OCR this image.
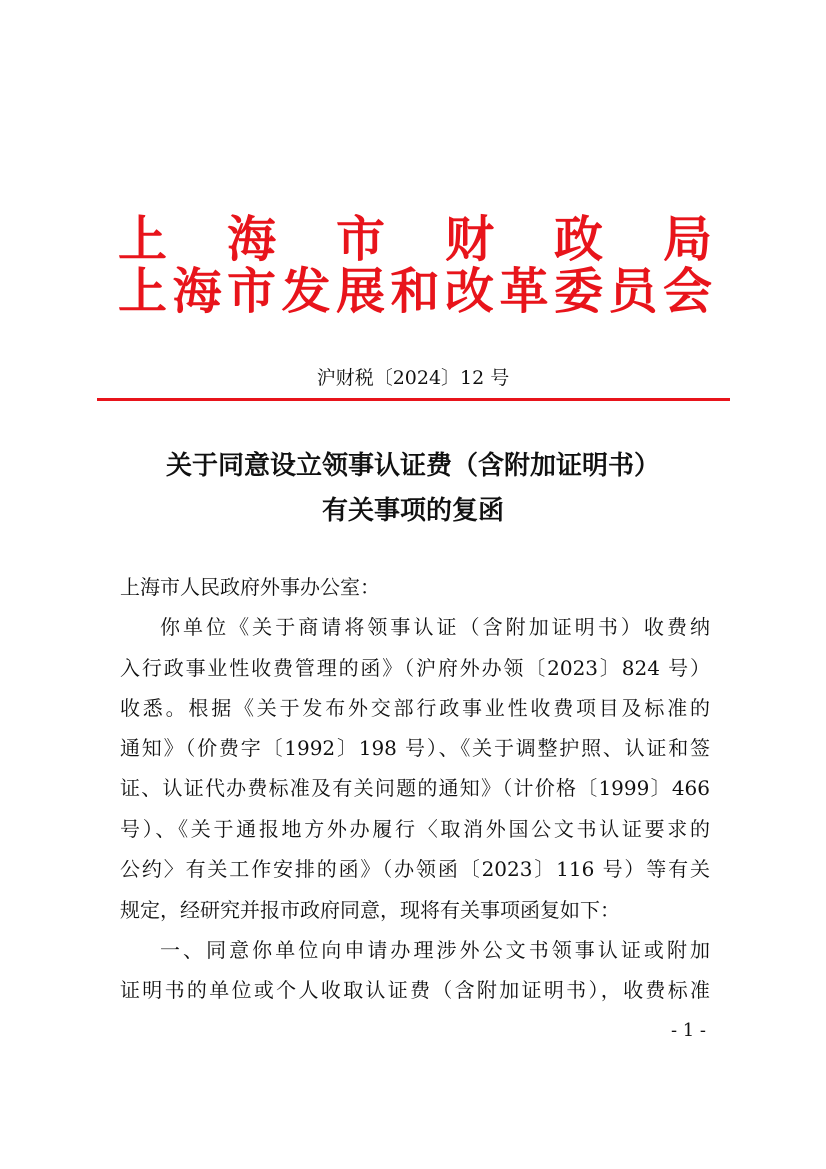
上 海 市 财 政 局
上海市发展和改革委员会
沪财税〔2024〕12 号
关于同意设立领事认证费（含附加证明书）
有关事项的复函
上海市人民政府外事办公室：
你单位《关于商请将领事认证（含附加证明书）收费纳
入行政事业性收费管理的函》（沪府外办领〔2023〕824 号）
收悉。根据《关于发布外交部行政事业性收费项目及标准的
通知》（价费字〔1992〕198 号）、《关于调整护照、认证和签
证、认证代办费标准及有关问题的通知》（计价格〔1999〕466
号）、《关于通报地方外办履行〈取消外国公文书认证要求的
公约〉有关工作安排的函》（办领函〔2023〕116 号）等有关
规定，经研究并报市政府同意，现将有关事项函复如下：
一、同意你单位向申请办理涉外公文书领事认证或附加
证明书的单位或个人收取认证费（含附加证明书），收费标准
- 1 -
